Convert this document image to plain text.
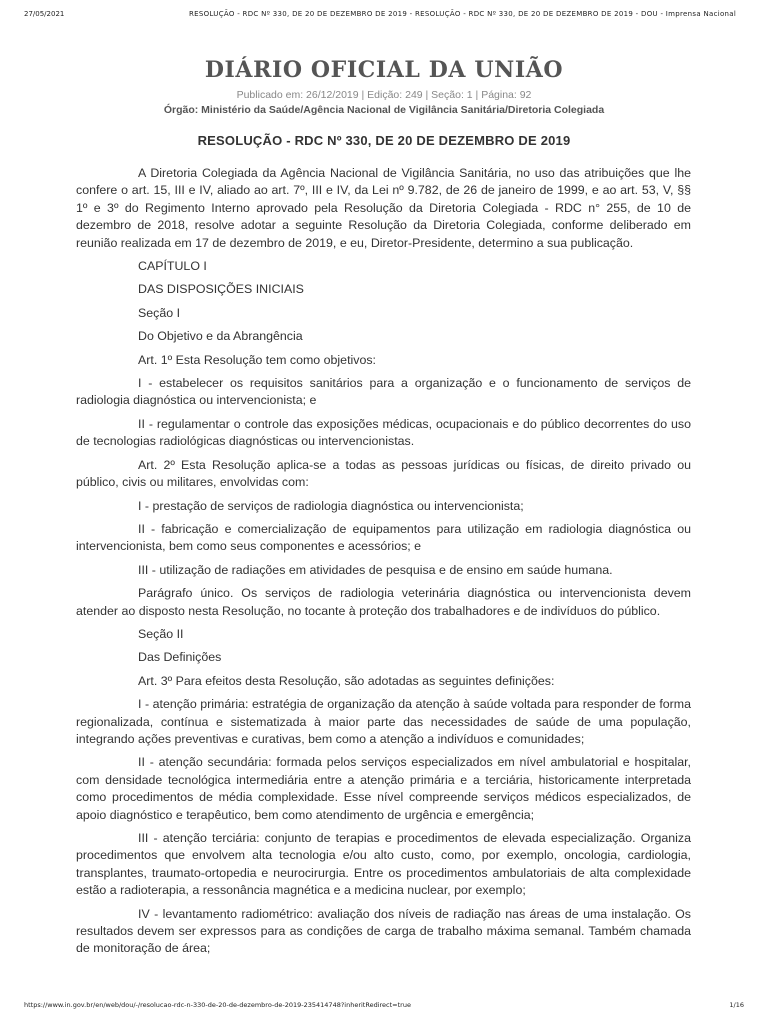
27/05/2021	RESOLUÇÃO - RDC Nº 330, DE 20 DE DEZEMBRO DE 2019 - RESOLUÇÃO - RDC Nº 330, DE 20 DE DEZEMBRO DE 2019 - DOU - Imprensa Nacional
DIÁRIO OFICIAL DA UNIÃO
Publicado em: 26/12/2019 | Edição: 249 | Seção: 1 | Página: 92
Órgão: Ministério da Saúde/Agência Nacional de Vigilância Sanitária/Diretoria Colegiada
RESOLUÇÃO - RDC Nº 330, DE 20 DE DEZEMBRO DE 2019

A Diretoria Colegiada da Agência Nacional de Vigilância Sanitária, no uso das atribuições que lhe confere o art. 15, III e IV, aliado ao art. 7º, III e IV, da Lei nº 9.782, de 26 de janeiro de 1999, e ao art. 53, V, §§ 1º e 3º do Regimento Interno aprovado pela Resolução da Diretoria Colegiada - RDC n° 255, de 10 de dezembro de 2018, resolve adotar a seguinte Resolução da Diretoria Colegiada, conforme deliberado em reunião realizada em 17 de dezembro de 2019, e eu, Diretor-Presidente, determino a sua publicação.

CAPÍTULO I

DAS DISPOSIÇÕES INICIAIS

Seção I

Do Objetivo e da Abrangência

Art. 1º Esta Resolução tem como objetivos:

I - estabelecer os requisitos sanitários para a organização e o funcionamento de serviços de radiologia diagnóstica ou intervencionista; e

II - regulamentar o controle das exposições médicas, ocupacionais e do público decorrentes do uso de tecnologias radiológicas diagnósticas ou intervencionistas.

Art. 2º Esta Resolução aplica-se a todas as pessoas jurídicas ou físicas, de direito privado ou público, civis ou militares, envolvidas com:

I - prestação de serviços de radiologia diagnóstica ou intervencionista;

II - fabricação e comercialização de equipamentos para utilização em radiologia diagnóstica ou intervencionista, bem como seus componentes e acessórios; e

III - utilização de radiações em atividades de pesquisa e de ensino em saúde humana.

Parágrafo único. Os serviços de radiologia veterinária diagnóstica ou intervencionista devem atender ao disposto nesta Resolução, no tocante à proteção dos trabalhadores e de indivíduos do público.

Seção II

Das Definições

Art. 3º Para efeitos desta Resolução, são adotadas as seguintes definições:

I - atenção primária: estratégia de organização da atenção à saúde voltada para responder de forma regionalizada, contínua e sistematizada à maior parte das necessidades de saúde de uma população, integrando ações preventivas e curativas, bem como a atenção a indivíduos e comunidades;

II - atenção secundária: formada pelos serviços especializados em nível ambulatorial e hospitalar, com densidade tecnológica intermediária entre a atenção primária e a terciária, historicamente interpretada como procedimentos de média complexidade. Esse nível compreende serviços médicos especializados, de apoio diagnóstico e terapêutico, bem como atendimento de urgência e emergência;

III - atenção terciária: conjunto de terapias e procedimentos de elevada especialização. Organiza procedimentos que envolvem alta tecnologia e/ou alto custo, como, por exemplo, oncologia, cardiologia, transplantes, traumato-ortopedia e neurocirurgia. Entre os procedimentos ambulatoriais de alta complexidade estão a radioterapia, a ressonância magnética e a medicina nuclear, por exemplo;

IV - levantamento radiométrico: avaliação dos níveis de radiação nas áreas de uma instalação. Os resultados devem ser expressos para as condições de carga de trabalho máxima semanal. Também chamada de monitoração de área;

https://www.in.gov.br/en/web/dou/-/resolucao-rdc-n-330-de-20-de-dezembro-de-2019-235414748?inheritRedirect=true	1/16
